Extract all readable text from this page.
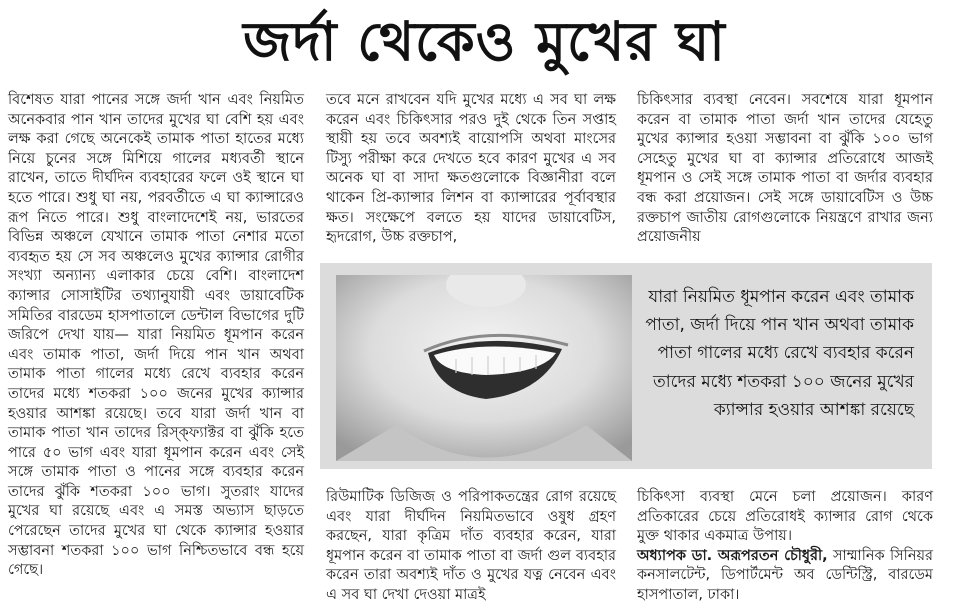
জর্দা থেকেও মুখের ঘা

বিশেষত যারা পানের সঙ্গে জর্দা খান এবং নিয়মিত অনেকবার পান খান তাদের মুখের ঘা বেশি হয় এবং লক্ষ করা গেছে অনেকেই তামাক পাতা হাতের মধ্যে নিয়ে চুনের সঙ্গে মিশিয়ে গালের মধ্যবর্তী স্থানে রাখেন, তাতে দীর্ঘদিন ব্যবহারের ফলে ওই স্থানে ঘা হতে পারে। শুধু ঘা নয়, পরবর্তীতে এ ঘা ক্যান্সারেও রূপ নিতে পারে। শুধু বাংলাদেশেই নয়, ভারতের বিভিন্ন অঞ্চলে যেখানে তামাক পাতা নেশার মতো ব্যবহৃত হয় সে সব অঞ্চলেও মুখের ক্যান্সার রোগীর সংখ্যা অন্যান্য এলাকার চেয়ে বেশি। বাংলাদেশ ক্যান্সার সোসাইটির তথ্যানুযায়ী এবং ডায়াবেটিক সমিতির বারডেম হাসপাতালে ডেন্টাল বিভাগের দুটি জরিপে দেখা যায়— যারা নিয়মিত ধূমপান করেন এবং তামাক পাতা, জর্দা দিয়ে পান খান অথবা তামাক পাতা গালের মধ্যে রেখে ব্যবহার করেন তাদের মধ্যে শতকরা ১০০ জনের মুখের ক্যান্সার হওয়ার আশঙ্কা রয়েছে। তবে যারা জর্দা খান বা তামাক পাতা খান তাদের রিস্ক্ফ্যাক্টর বা ঝুঁকি হতে পারে ৫০ ভাগ এবং যারা ধূমপান করেন এবং সেই সঙ্গে তামাক পাতা ও পানের সঙ্গে ব্যবহার করেন তাদের ঝুঁকি শতকরা ১০০ ভাগ। সুতরাং যাদের মুখের ঘা রয়েছে এবং এ সমস্ত অভ্যাস ছাড়তে পেরেছেন তাদের মুখের ঘা থেকে ক্যান্সার হওয়ার সম্ভাবনা শতকরা ১০০ ভাগ নিশ্চিতভাবে বন্ধ হয়ে গেছে।

তবে মনে রাখবেন যদি মুখের মধ্যে এ সব ঘা লক্ষ করেন এবং চিকিৎসার পরও দুই থেকে তিন সপ্তাহ স্থায়ী হয় তবে অবশ্যই বায়োপসি অথবা মাংসের টিস্যু পরীক্ষা করে দেখতে হবে কারণ মুখের এ সব অনেক ঘা বা সাদা ক্ষতগুলোকে বিজ্ঞানীরা বলে থাকেন প্রি-ক্যান্সার লিশন বা ক্যান্সারের পূর্বাবস্থার ক্ষত। সংক্ষেপে বলতে হয় যাদের ডায়াবেটিস, হৃদরোগ, উচ্চ রক্তচাপ,

চিকিৎসার ব্যবস্থা নেবেন। সবশেষে যারা ধূমপান করেন বা তামাক পাতা জর্দা খান তাদের যেহেতু মুখের ক্যান্সার হওয়া সম্ভাবনা বা ঝুঁকি ১০০ ভাগ সেহেতু মুখের ঘা বা ক্যান্সার প্রতিরোধে আজই ধূমপান ও সেই সঙ্গে তামাক পাতা বা জর্দার ব্যবহার বন্ধ করা প্রয়োজন। সেই সঙ্গে ডায়াবেটিস ও উচ্চ রক্তচাপ জাতীয় রোগগুলোকে নিয়ন্ত্রণে রাখার জন্য প্রয়োজনীয়

যারা নিয়মিত ধূমপান করেন এবং তামাক পাতা, জর্দা দিয়ে পান খান অথবা তামাক পাতা গালের মধ্যে রেখে ব্যবহার করেন তাদের মধ্যে শতকরা ১০০ জনের মুখের ক্যান্সার হওয়ার আশঙ্কা রয়েছে

রিউমাটিক ডিজিজ ও পরিপাকতন্ত্রের রোগ রয়েছে এবং যারা দীর্ঘদিন নিয়মিতভাবে ওষুধ গ্রহণ করছেন, যারা কৃত্রিম দাঁত ব্যবহার করেন, যারা ধূমপান করেন বা তামাক পাতা বা জর্দা গুল ব্যবহার করেন তারা অবশ্যই দাঁত ও মুখের যত্ন নেবেন এবং এ সব ঘা দেখা দেওয়া মাত্রই

চিকিৎসা ব্যবস্থা মেনে চলা প্রয়োজন। কারণ প্রতিকারের চেয়ে প্রতিরোধই ক্যান্সার রোগ থেকে মুক্ত থাকার একমাত্র উপায়।
অধ্যাপক ডা. অরূপরতন চৌধুরী, সাম্মানিক সিনিয়র কনসালটেন্ট, ডিপার্টমেন্ট অব ডেন্টিস্ট্রি, বারডেম হাসপাতাল, ঢাকা।
